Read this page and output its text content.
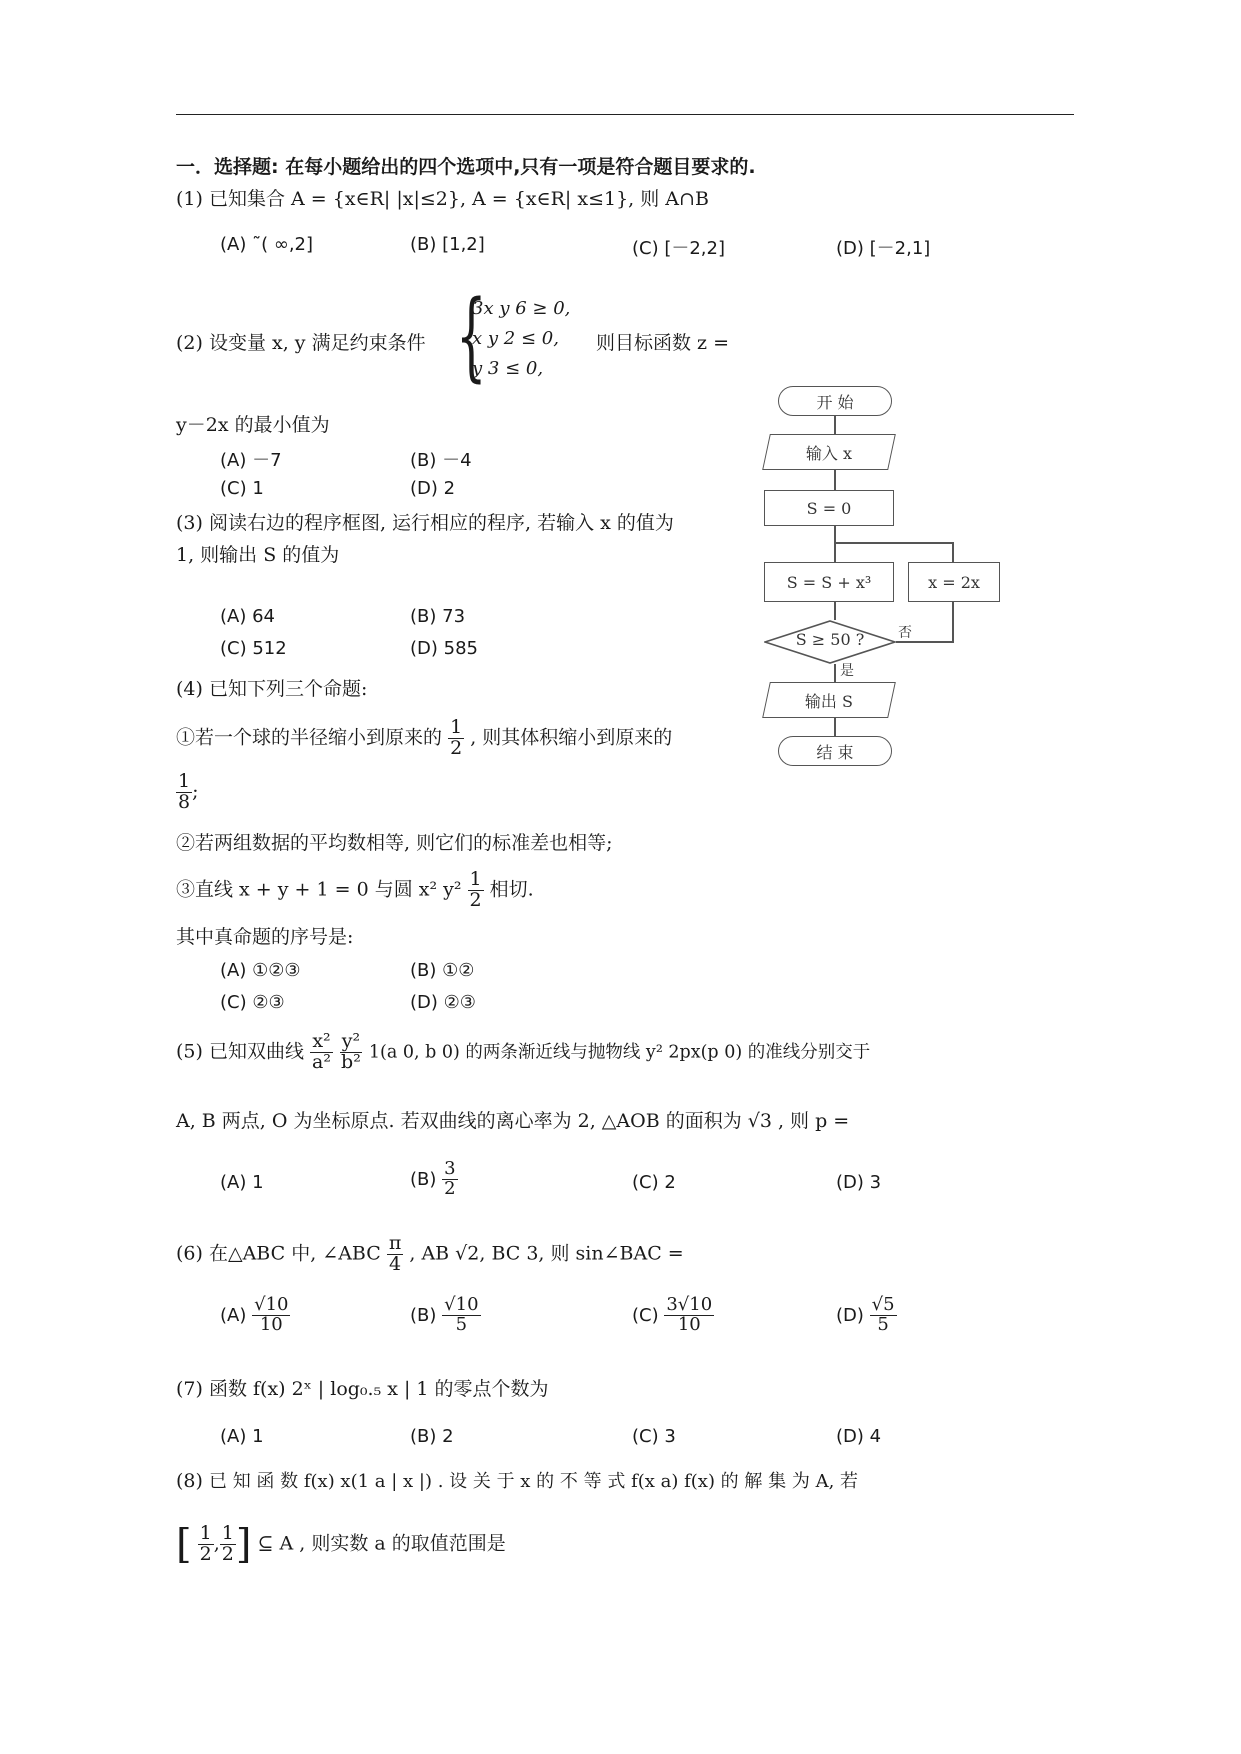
一．选择题: 在每小题给出的四个选项中,只有一项是符合题目要求的.
(1) 已知集合 A = {x∈R| |x|≤2}, A = {x∈R| x≤1}, 则 A∩B
(A) ˜( ∞,2]	(B) [1,2]	(C) [－2,2]	(D) [－2,1]
(2) 设变量 x, y 满足约束条件 {
3x y 6 ≥ 0,
x y 2 ≤ 0,
y 3 ≤ 0,
则目标函数 z =
y－2x 的最小值为
(A) －7	(B) －4
(C) 1	(D) 2
(3) 阅读右边的程序框图, 运行相应的程序, 若输入 x 的值为
1, 则输出 S 的值为
(A) 64	(B) 73
(C) 512	(D) 585
开 始
输入 x
S = 0
S = S + x³	x = 2x
S ≥ 50 ?	否
是
输出 S
结 束
(4) 已知下列三个命题:
①若一个球的半径缩小到原来的 $\frac{1}{2}$ , 则其体积缩小到原来的
$\frac{1}{8}$ ;
②若两组数据的平均数相等, 则它们的标准差也相等;
③直线 x + y + 1 = 0 与圆 x² $y^2 \frac{1}{2}$ 相切.
其中真命题的序号是:
(A) ①②③	(B) ①②
(C) ②③	(D) ②③
(5) 已知双曲线 $\frac{\text{x²}}{\text{a²}}$
$\frac{\text{y²}}{\text{b²}} 1(a$ 0, b 0) 的两条渐近线与抛物线 y² 2px(p 0) 的准线分别交于
A, B 两点, O 为坐标原点. 若双曲线的离心率为 2, △AOB 的面积为 √3 , 则 p =
(A) 1	$(B) \frac{3}{2}$	(C) 2	(D) 3
(6) 在△ABC 中, ∠ABC $\frac{\pi}{4}$ , AB √2, BC 3, 则 sin∠BAC =
$(A) \frac{√10}{10}$	$(B) \frac{√10}{5}$	$(C) \frac{3√10}{10}$	$(D) \frac{√5}{5}$
(7) 函数 f(x) 2ˣ | log₀.₅ x | 1 的零点个数为
(A) 1	(B) 2	(C) 3	(D) 4
(8) 已 知 函 数 f(x) x(1 a | x |) . 设 关 于 x 的 不 等 式 f(x a) f(x) 的 解 集 为 A, 若
[ $\frac{1}{2}$ , $\frac{1}{2}$ ] ⊆ A , 则实数 a 的取值范围是
